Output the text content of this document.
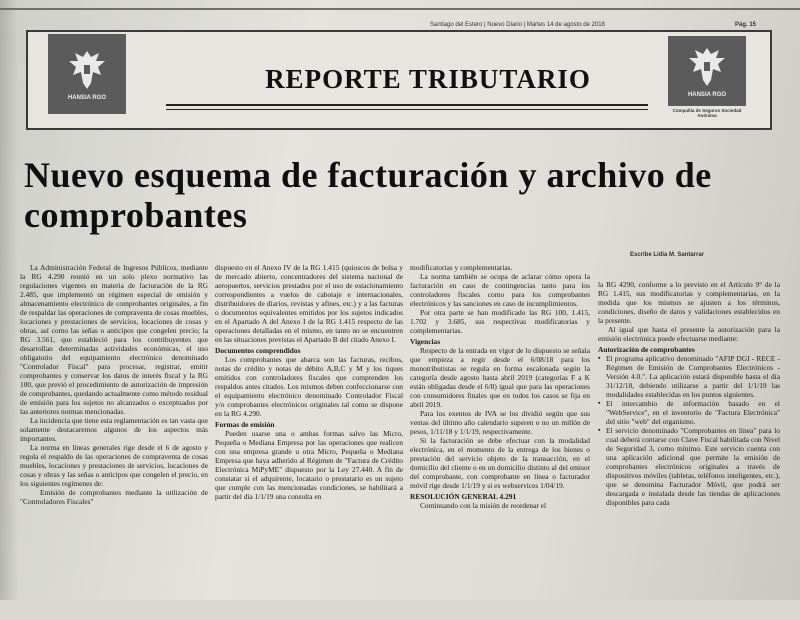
Santiago del Estero | Nuevo Diario | Martes 14 de agosto de 2018	Pág. 15
HANSIA RGO
REPORTE TRIBUTARIO
HANSIA RGO
Compañía de Seguros Sociedad Anónima
Nuevo esquema de facturación y archivo de comprobantes
Escribe Lidia M. Santarrar

La Administración Federal de Ingresos Públicos, mediante la RG 4.290 reunió en un solo plexo normativo las regulaciones vigentes en materia de facturación de la RG 2.485, que implementó un régimen especial de emisión y almacenamiento electrónico de comprobantes originales, a fin de respaldar las operaciones de compraventa de cosas muebles, locaciones y prestaciones de servicios, locaciones de cosas y obras, así como las señas o anticipos que congelen precio; la RG 3.561, que estableció para los contribuyentes que desarrollan determinadas actividades económicas, el uso obligatorio del equipamiento electrónico denominado "Controlador Fiscal" para procesar, registrar, emitir comprobantes y conservar los datos de interés fiscal y la RG 100, que previó el procedimiento de autorización de impresión de comprobantes, quedando actualmente como método residual de emisión para los sujetos no alcanzados o exceptuados por las anteriores normas mencionadas.

La incidencia que tiene esta reglamentación es tan vasta que solamente destacaremos algunos de los aspectos más importantes.

La norma en líneas generales rige desde el 6 de agosto y regula el respaldo de las operaciones de compraventa de cosas muebles, locaciones y prestaciones de servicios, locaciones de cosas y obras y las señas o anticipos que congelen el precio, en los siguientes regímenes de:

Emisión de comprobantes mediante la utilización de "Controladores Fiscales"

dispuesto en el Anexo IV de la RG 1.415 (quioscos de bolsa y de mercado abierto, concentradores del sistema nacional de aeropuertos, servicios prestados por el uso de estacionamiento correspondientes a vuelos de cabotaje e internacionales, distribuidores de diarios, revistas y afines, etc.) y a las facturas o documentos equivalentes emitidos por los sujetos indicados en el Apartado A del Anexo I de la RG 1.415 respecto de las operaciones detalladas en el mismo, en tanto no se encuentren en las situaciones previstas el Apartado B del citado Anexo I.

Documentos comprendidos

Los comprobantes que abarca son las facturas, recibos, notas de crédito y notas de débito A,B,C y M y los tiques emitidos con controladores fiscales que comprenden los respaldos antes citados. Los mismos deben confeccionarse con el equipamiento electrónico denominado Controlador Fiscal y/o comprobantes electrónicos originales tal como se dispone en la RG 4.290.

Formas de emisión

Pueden usarse una o ambas formas salvo las Micro, Pequeña o Mediana Empresa por las operaciones que realicen con una empresa grande u otra Micro, Pequeña o Mediana Empresa que haya adherido al Régimen de "Factura de Crédito Electrónica MiPyME" dispuesto por la Ley 27.440. A fin de constatar si el adquirente, locatario o prestatario es un sujeto que cumple con las mencionadas condiciones, se habilitará a partir del día 1/1/19 una consulta en

modificatorias y complementarias.

La norma también se ocupa de aclarar cómo opera la facturación en caso de contingencias tanto para los controladores fiscales como para los comprobantes electrónicos y las sanciones en caso de incumplimientos.

Por otra parte se han modificado las RG 100, 1.415, 1.702 y 3.685, sus respectivas modificatorias y complementarias.

Vigencias

Respecto de la entrada en vigor de lo dispuesto se señala que empieza a regir desde el 6/08/18 para los monotributistas se regula en forma escalonada según la categoría desde agosto hasta abril 2019 (categorías F a K están obligadas desde el 6/8) igual que para las operaciones con consumidores finales que en todos los casos se fija en abril 2019.

Para los exentos de IVA se los dividió según que sus ventas del último año calendario superen o no un millón de pesos, 1/11/18 y 1/1/19, respectivamente.

Si la facturación se debe efectuar con la modalidad electrónica, en el momento de la entrega de los bienes o prestación del servicio objeto de la transacción, en el domicilio del cliente o en un domicilio distinto al del emisor del comprobante, con comprobante en línea o facturador móvil rige desde 1/1/19 y si es webservices 1/04/19.

RESOLUCIÓN GENERAL 4.291

Continuando con la misión de reordenar el

la RG 4290, conforme a lo previsto en el Artículo 9° de la RG 1.415, sus modificatorias y complementarias, en la medida que los mismos se ajusten a los términos, condiciones, diseño de datos y validaciones establecidos en la presente.

Al igual que hasta el presente la autorización para la emisión electrónica puede efectuarse mediante:

Autorización de comprobantes
▪ El programa aplicativo denominado "AFIP DGI - RECE - Régimen de Emisión de Comprobantes Electrónicos - Versión 4.0.". La aplicación estará disponible hasta el día 31/12/18, debiendo utilizarse a partir del 1/1/19 las modalidades establecidas en los puntos siguientes.

▪ El intercambio de información basado en el "WebService", en el inventorio de "Factura Electrónica" del sitio "web" del organismo.

▪ El servicio denominado "Comprobantes en línea" para lo cual deberá contarse con Clave Fiscal habilitada con Nivel de Seguridad 3, como mínimo. Este servicio cuenta con una aplicación adicional que permite la emisión de comprobantes electrónicos originales a través de dispositivos móviles (tabletas, teléfonos inteligentes, etc.), que se denomina Facturador Móvil, que podrá ser descargada e instalada desde las tiendas de aplicaciones disponibles para cada
